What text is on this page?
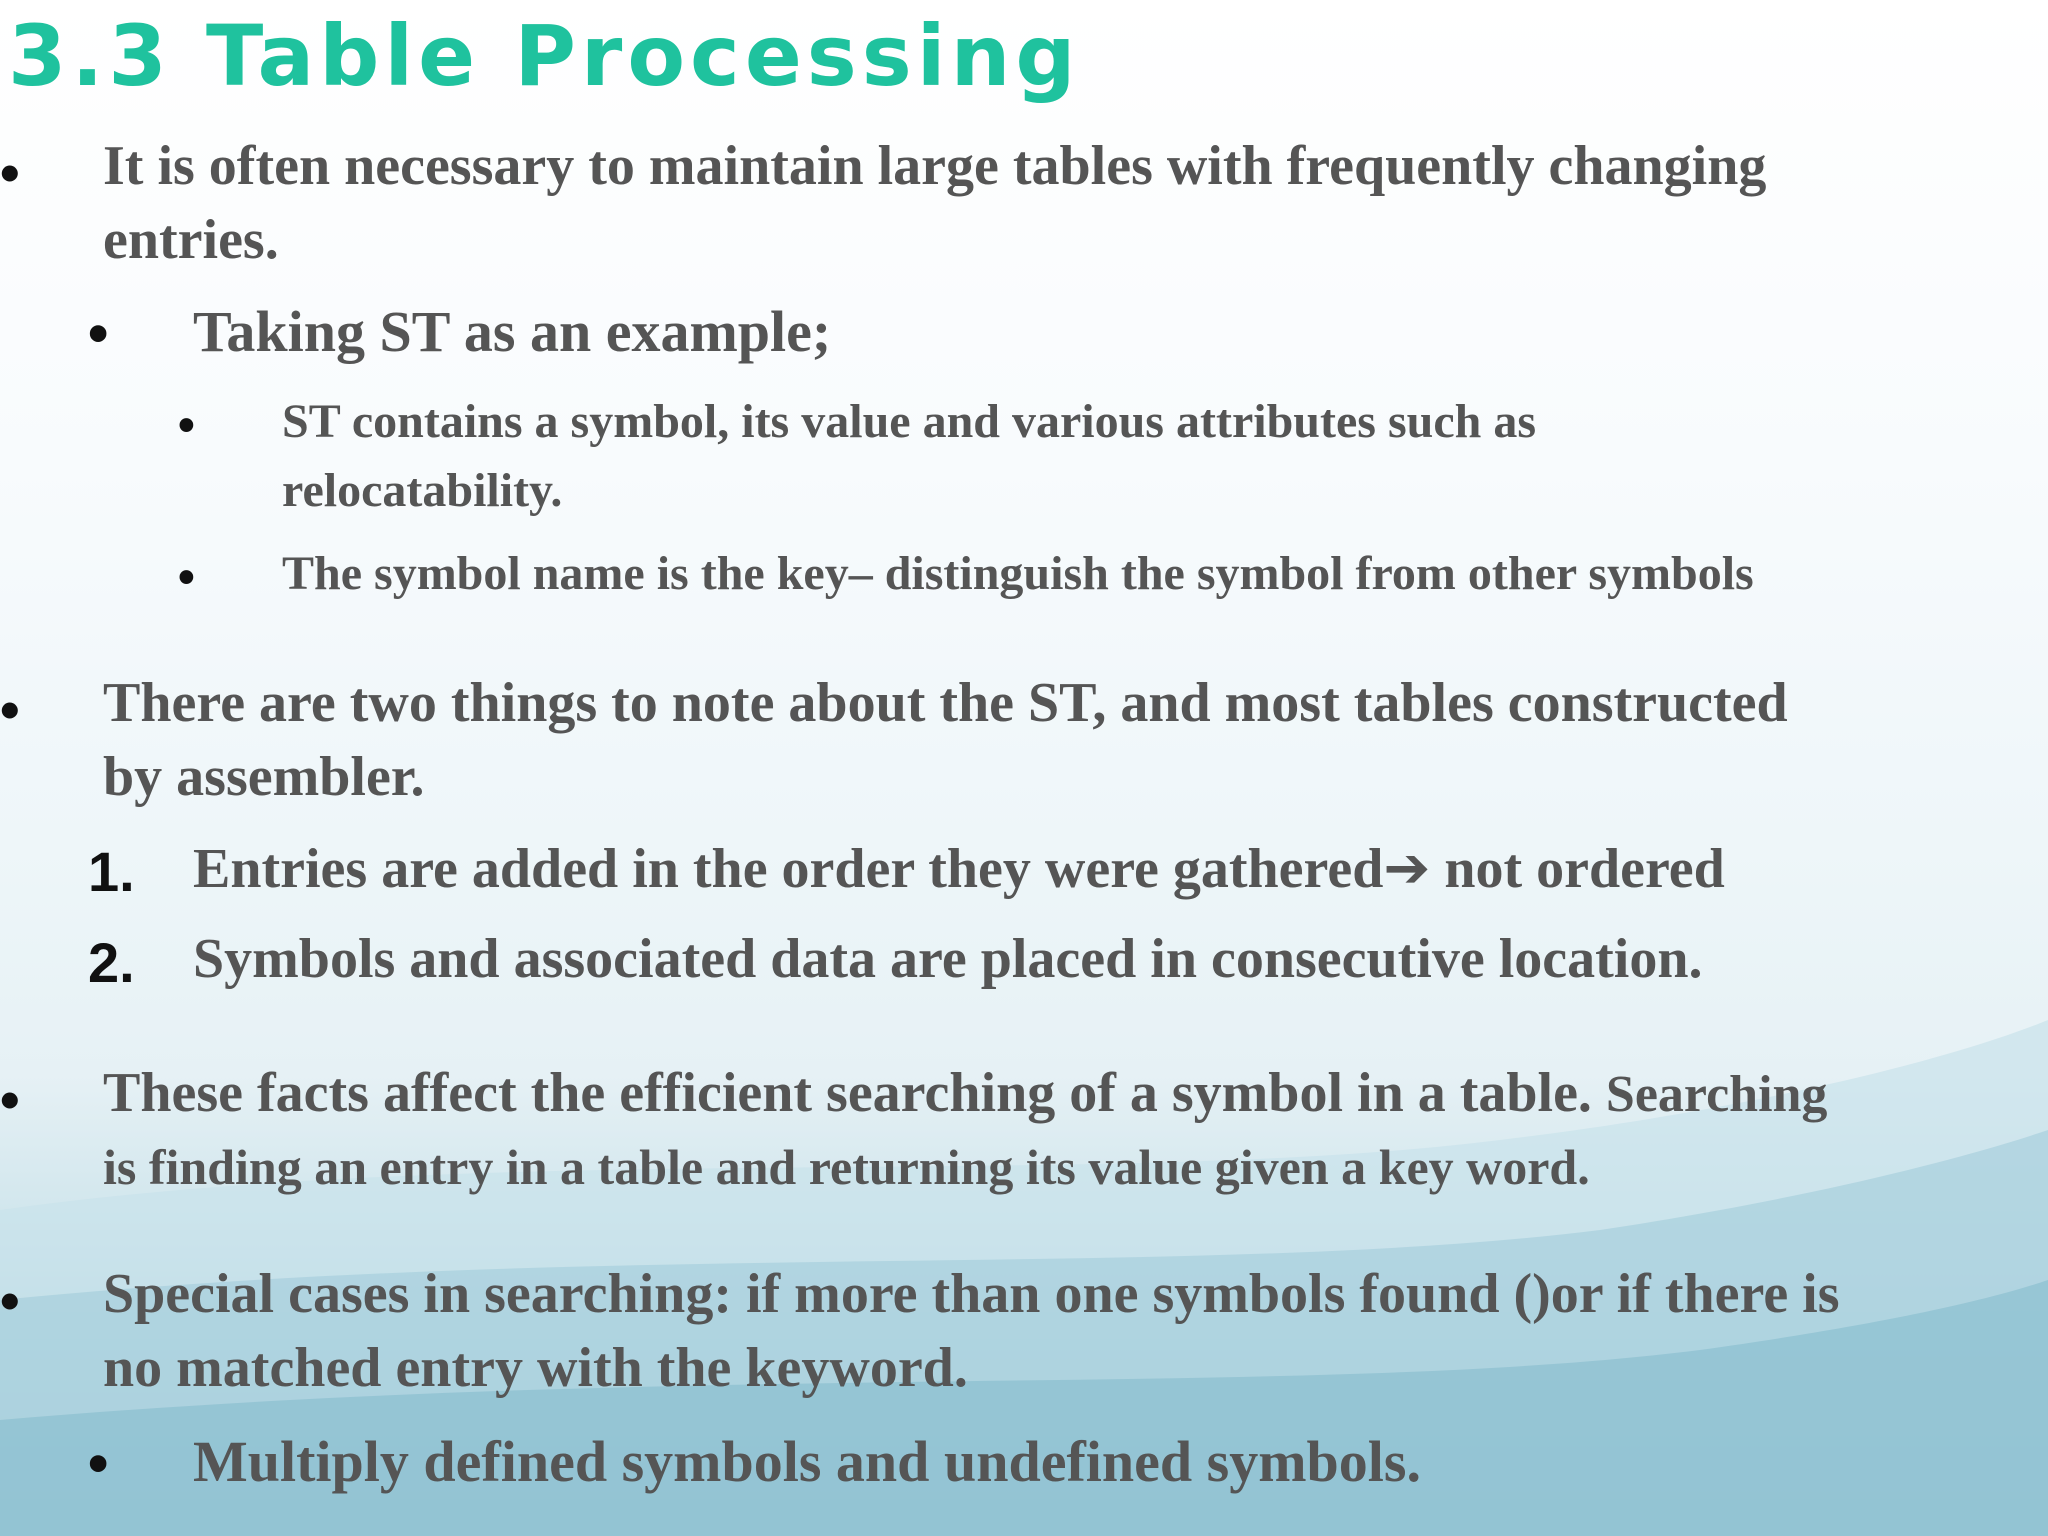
3.3 Table Processing
• It is often necessary to maintain large tables with frequently changing

entries.

• Taking ST as an example;

• ST contains a symbol, its value and various attributes such as

relocatability.

• The symbol name is the key– distinguish the symbol from other symbols

• There are two things to note about the ST, and most tables constructed

by assembler.

1. Entries are added in the order they were gathered➔ not ordered

2. Symbols and associated data are placed in consecutive location.

• These facts affect the efficient searching of a symbol in a table. Searching

is finding an entry in a table and returning its value given a key word.

• Special cases in searching: if more than one symbols found ()or if there is

no matched entry with the keyword.

• Multiply defined symbols and undefined symbols.
